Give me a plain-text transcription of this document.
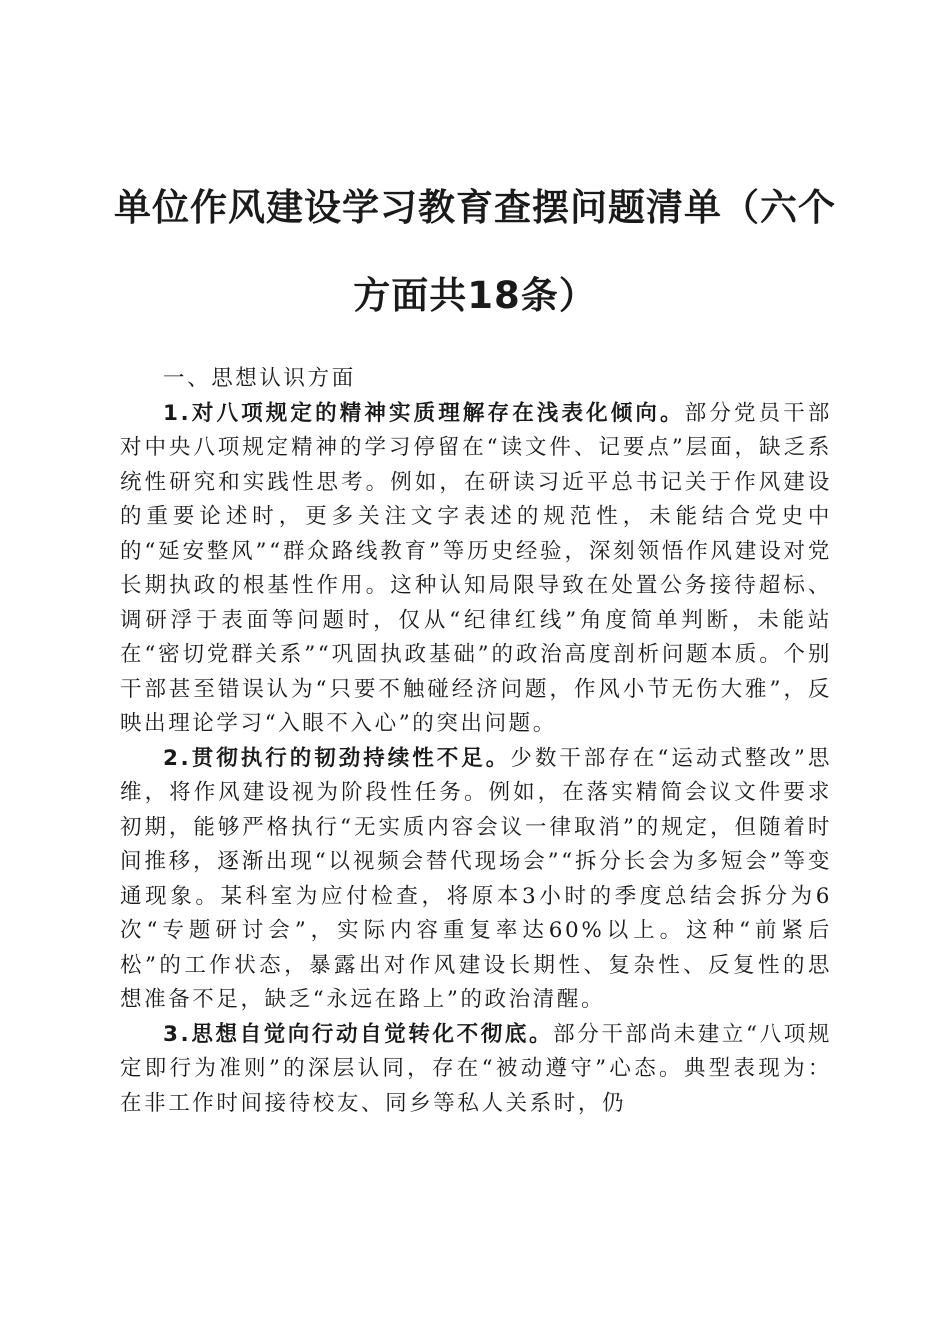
单位作风建设学习教育查摆问题清单（六个方面共18条）

一、思想认识方面

1.对八项规定的精神实质理解存在浅表化倾向。部分党员干部对中央八项规定精神的学习停留在“读文件、记要点”层面，缺乏系统性研究和实践性思考。例如，在研读习近平总书记关于作风建设的重要论述时，更多关注文字表述的规范性，未能结合党史中的“延安整风”“群众路线教育”等历史经验，深刻领悟作风建设对党长期执政的根基性作用。这种认知局限导致在处置公务接待超标、调研浮于表面等问题时，仅从“纪律红线”角度简单判断，未能站在“密切党群关系”“巩固执政基础”的政治高度剖析问题本质。个别干部甚至错误认为“只要不触碰经济问题，作风小节无伤大雅”，反映出理论学习“入眼不入心”的突出问题。

2.贯彻执行的韧劲持续性不足。少数干部存在“运动式整改”思维，将作风建设视为阶段性任务。例如，在落实精简会议文件要求初期，能够严格执行“无实质内容会议一律取消”的规定，但随着时间推移，逐渐出现“以视频会替代现场会”“拆分长会为多短会”等变通现象。某科室为应付检查，将原本3小时的季度总结会拆分为6次“专题研讨会”，实际内容重复率达60%以上。这种“前紧后松”的工作状态，暴露出对作风建设长期性、复杂性、反复性的思想准备不足，缺乏“永远在路上”的政治清醒。

3.思想自觉向行动自觉转化不彻底。部分干部尚未建立“八项规定即行为准则”的深层认同，存在“被动遵守”心态。典型表现为：在非工作时间接待校友、同乡等私人关系时，仍
